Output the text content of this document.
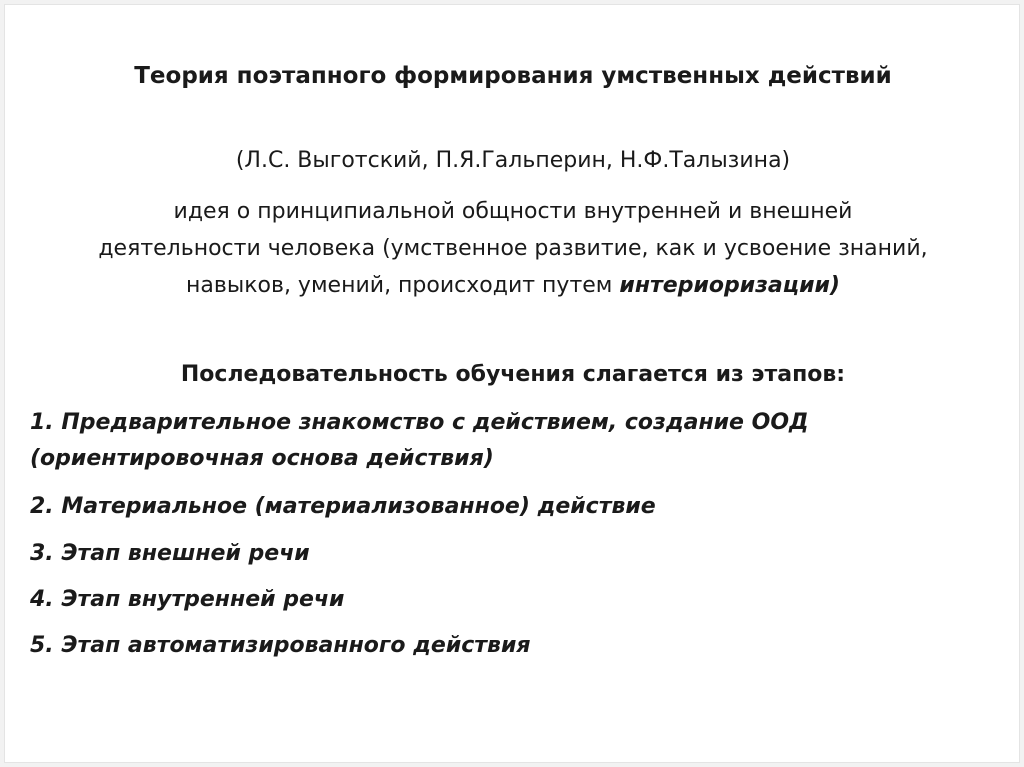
Теория поэтапного формирования умственных действий
(Л.С. Выготский, П.Я.Гальперин, Н.Ф.Талызина)
идея о принципиальной общности внутренней и внешней
деятельности человека (умственное развитие, как и усвоение знаний,
навыков, умений, происходит путем интериоризации)
Последовательность обучения слагается из этапов:
1. Предварительное знакомство с действием, создание ООД
(ориентировочная основа действия)
2. Материальное (материализованное) действие
3. Этап внешней речи
4. Этап внутренней речи
5. Этап автоматизированного действия
